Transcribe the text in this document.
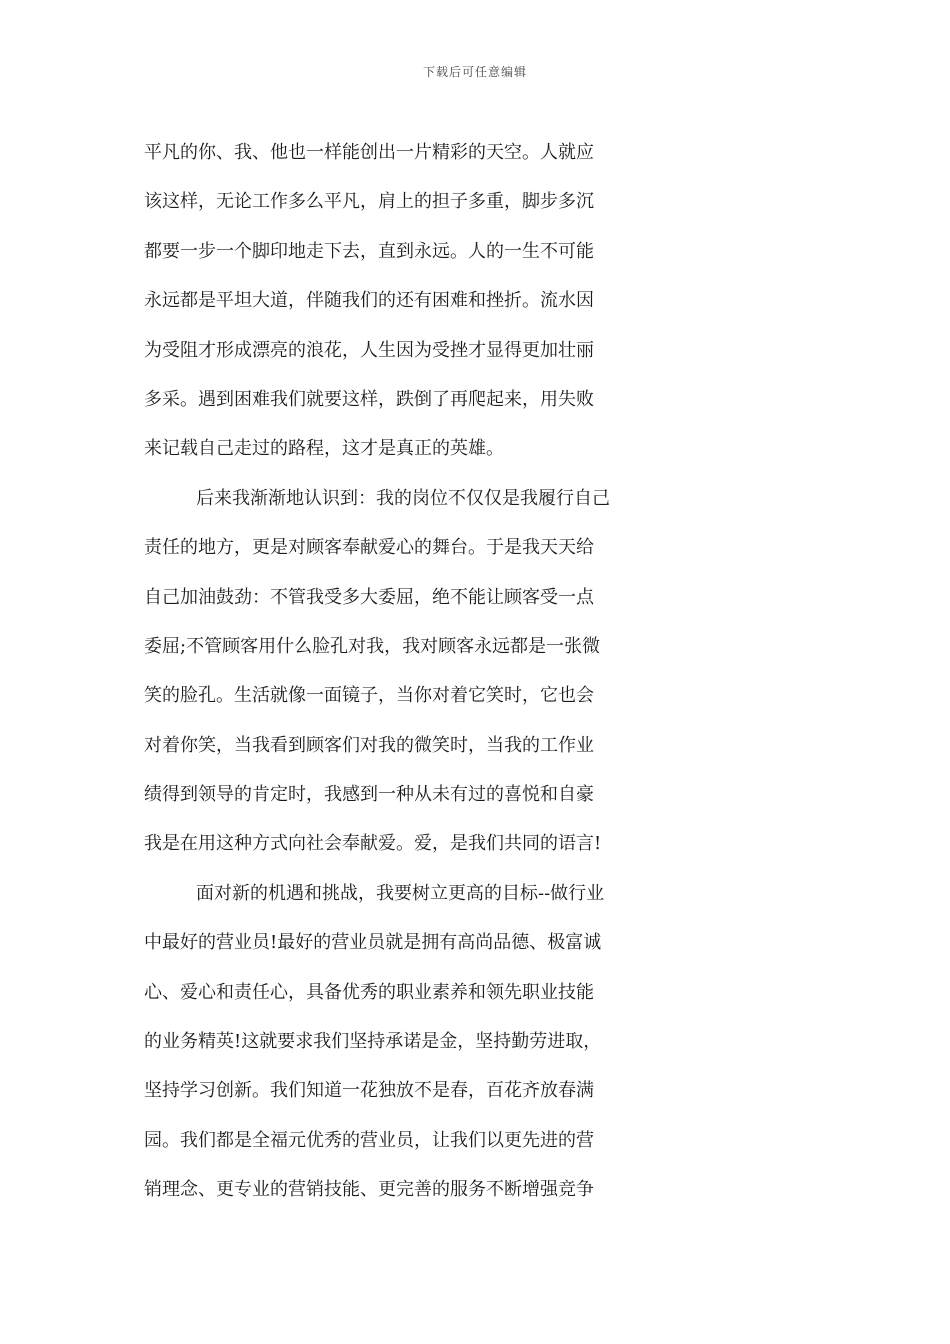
下载后可任意编辑
平凡的你、我、他也一样能创出一片精彩的天空。人就应
该这样，无论工作多么平凡，肩上的担子多重，脚步多沉
都要一步一个脚印地走下去，直到永远。人的一生不可能
永远都是平坦大道，伴随我们的还有困难和挫折。流水因
为受阻才形成漂亮的浪花，人生因为受挫才显得更加壮丽
多采。遇到困难我们就要这样，跌倒了再爬起来，用失败
来记载自己走过的路程，这才是真正的英雄。
后来我渐渐地认识到：我的岗位不仅仅是我履行自己
责任的地方，更是对顾客奉献爱心的舞台。于是我天天给
自己加油鼓劲：不管我受多大委屈，绝不能让顾客受一点
委屈;不管顾客用什么脸孔对我，我对顾客永远都是一张微
笑的脸孔。生活就像一面镜子，当你对着它笑时，它也会
对着你笑，当我看到顾客们对我的微笑时，当我的工作业
绩得到领导的肯定时，我感到一种从未有过的喜悦和自豪
我是在用这种方式向社会奉献爱。爱，是我们共同的语言!
面对新的机遇和挑战，我要树立更高的目标--做行业
中最好的营业员!最好的营业员就是拥有高尚品德、极富诚
心、爱心和责任心，具备优秀的职业素养和领先职业技能
的业务精英!这就要求我们坚持承诺是金，坚持勤劳进取，
坚持学习创新。我们知道一花独放不是春，百花齐放春满
园。我们都是全福元优秀的营业员，让我们以更先进的营
销理念、更专业的营销技能、更完善的服务不断增强竞争
